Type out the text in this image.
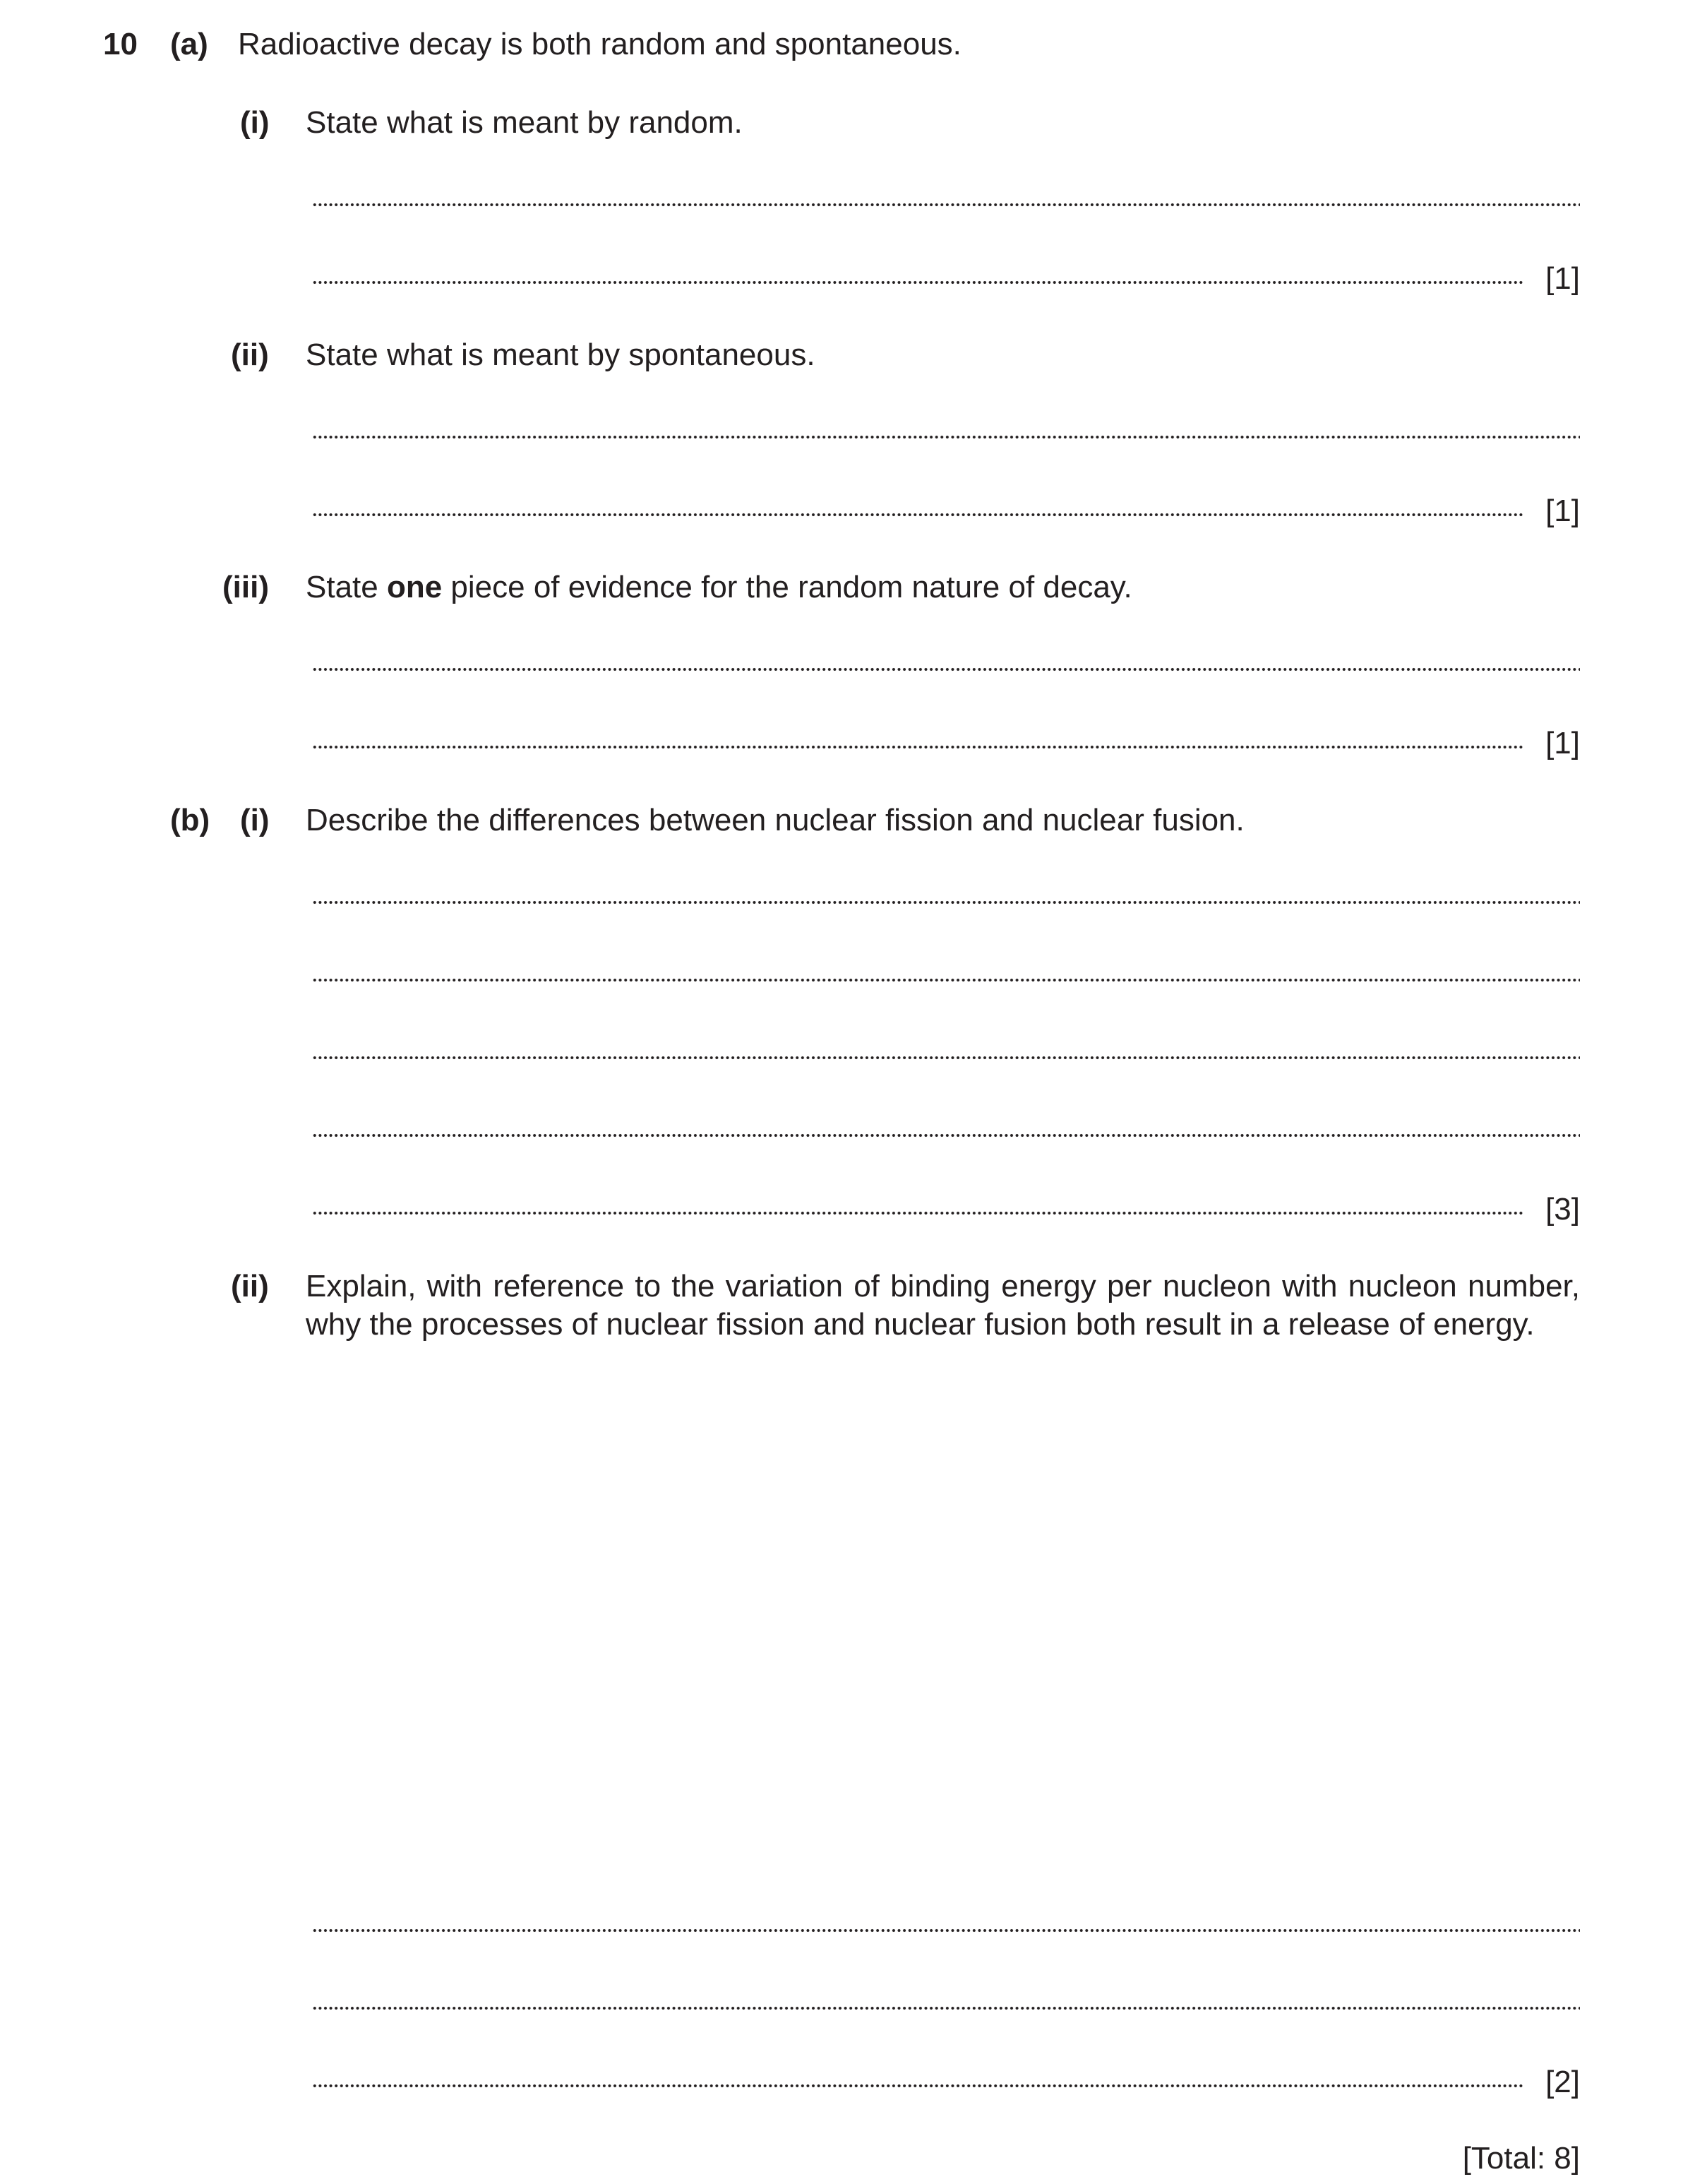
10 (a) Radioactive decay is both random and spontaneous.
(i) State what is meant by random.
[1]
(ii) State what is meant by spontaneous.
[1]
(iii) State one piece of evidence for the random nature of decay.
[1]
(b) (i) Describe the differences between nuclear fission and nuclear fusion.
[3]
(ii) Explain, with reference to the variation of binding energy per nucleon with nucleon number, why the processes of nuclear fission and nuclear fusion both result in a release of energy.
[2]
[Total: 8]
